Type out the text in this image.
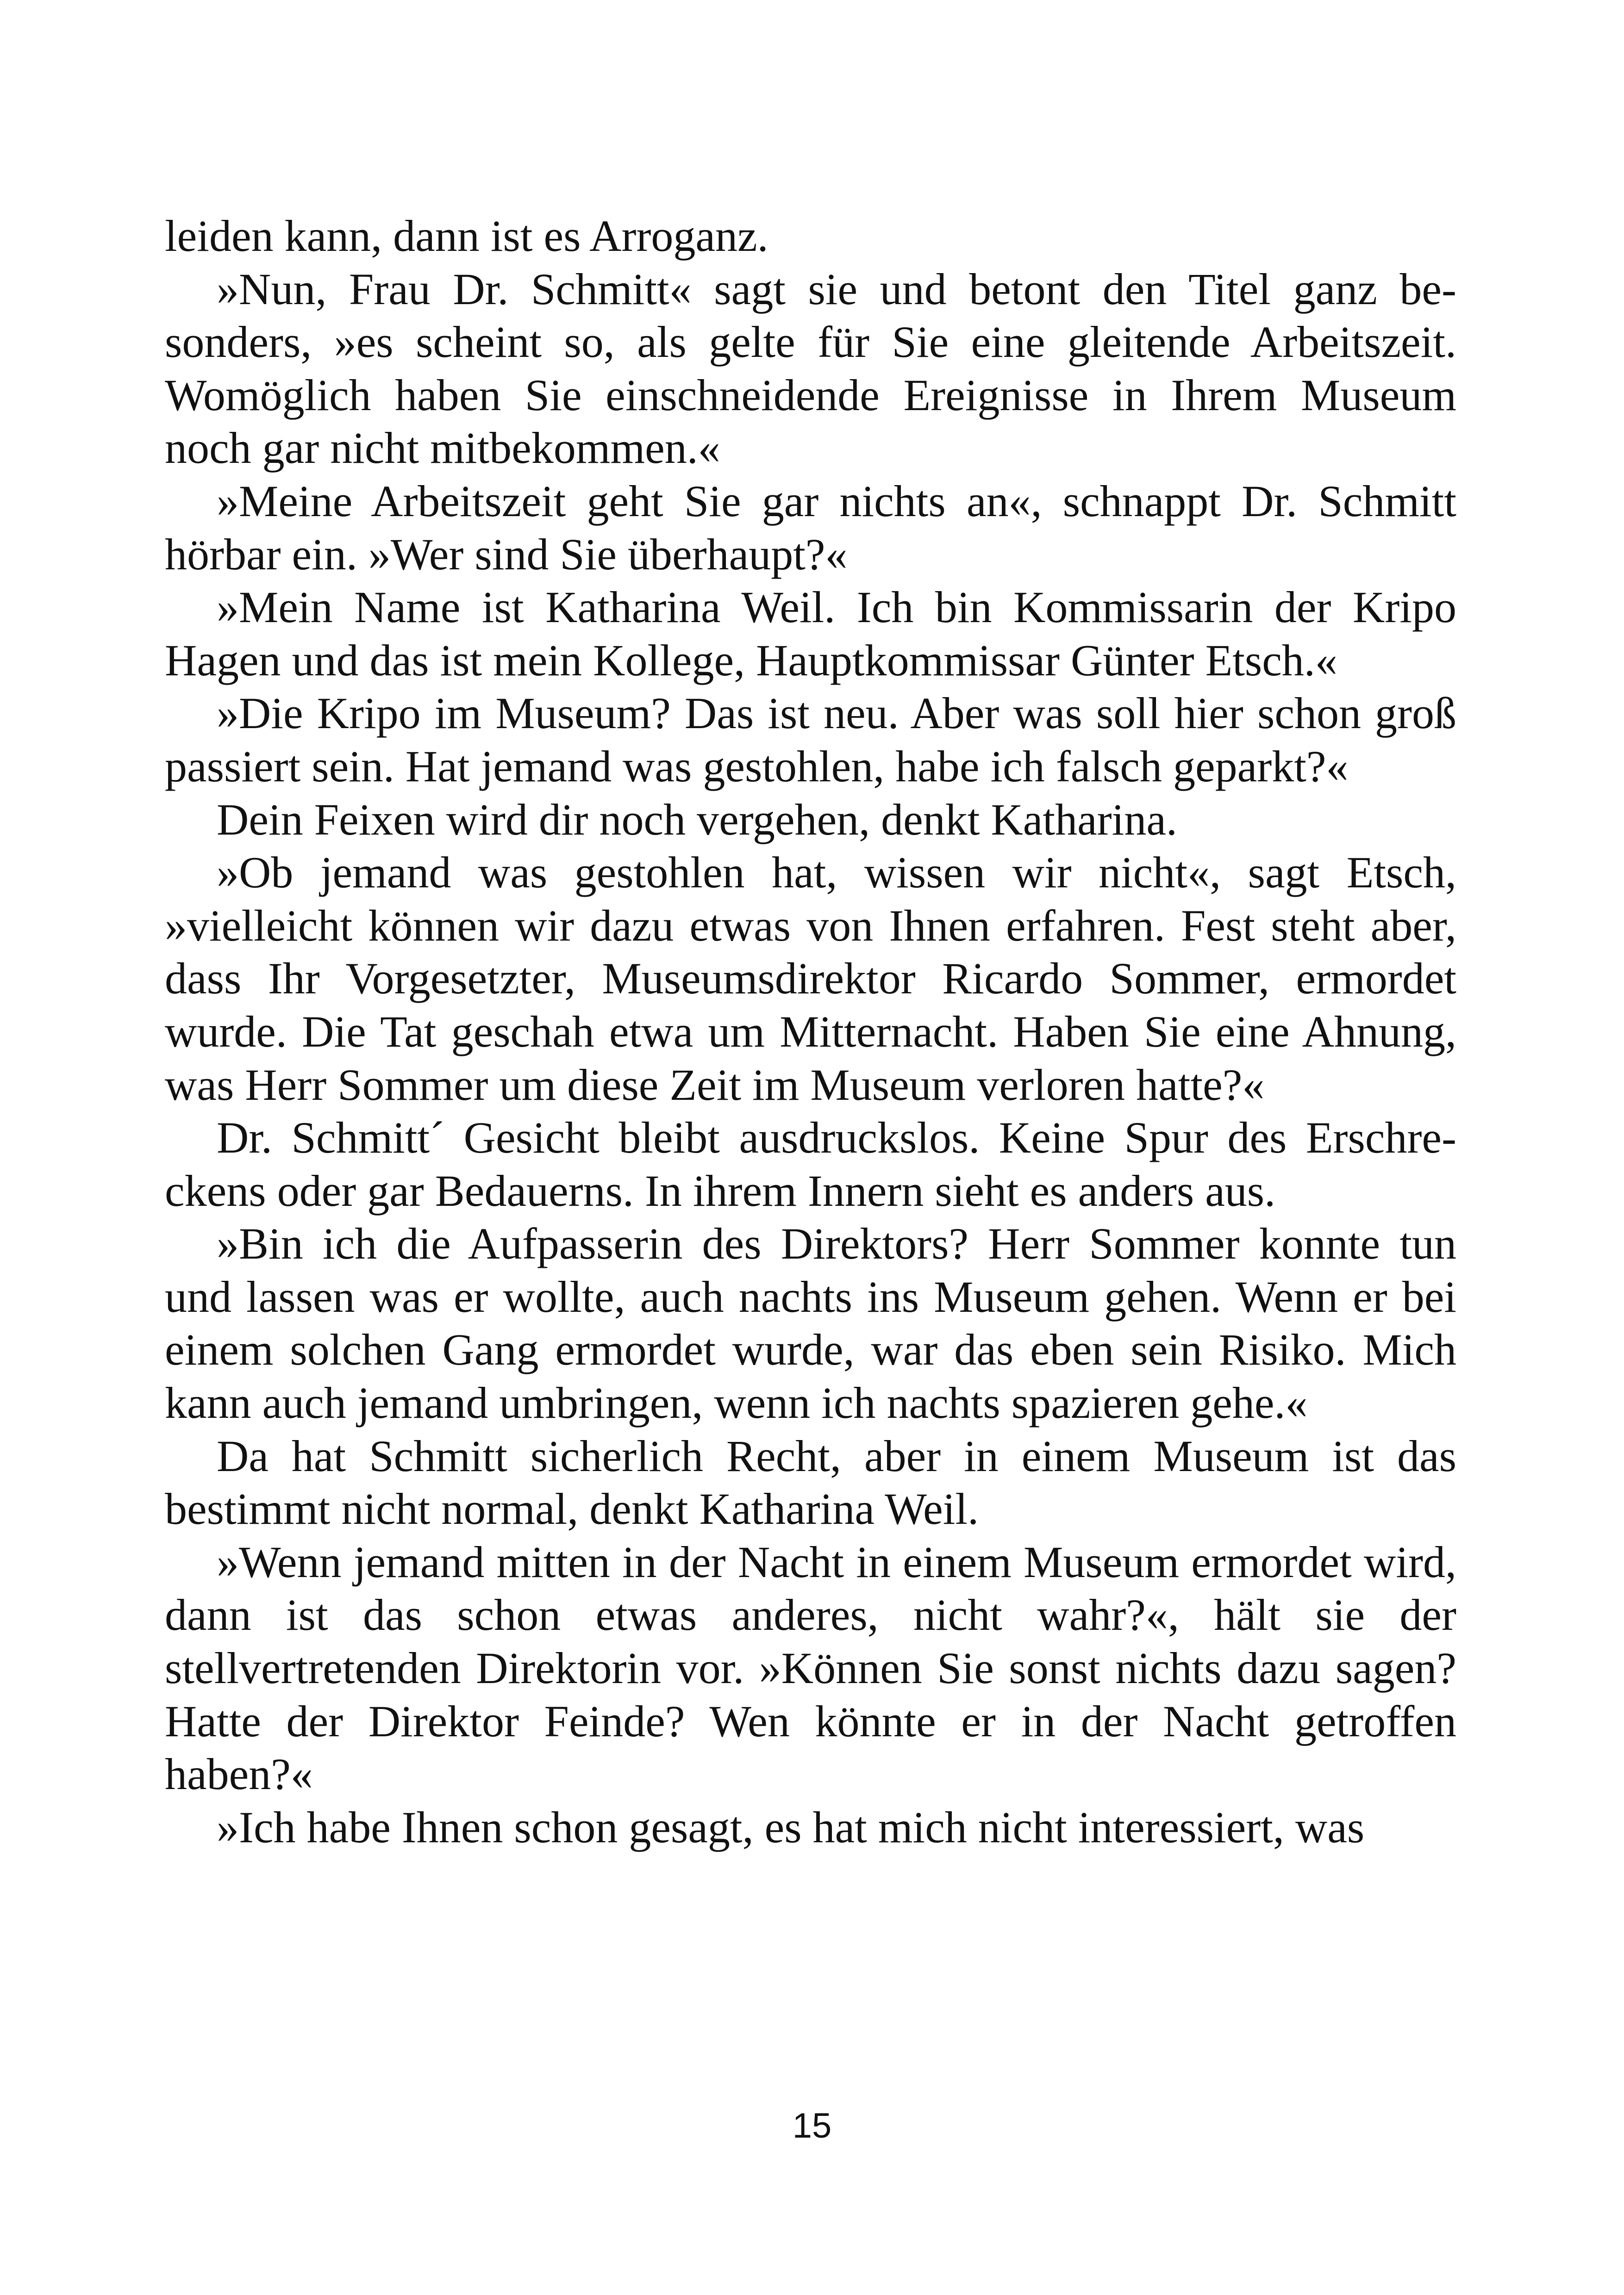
leiden kann, dann ist es Arroganz.

»Nun, Frau Dr. Schmitt« sagt sie und betont den Titel ganz besonders, »es scheint so, als gelte für Sie eine gleitende Arbeitszeit. Womöglich haben Sie einschneidende Ereignisse in Ihrem Museum noch gar nicht mitbekommen.«

»Meine Arbeitszeit geht Sie gar nichts an«, schnappt Dr. Schmitt hörbar ein. »Wer sind Sie überhaupt?«

»Mein Name ist Katharina Weil. Ich bin Kommissarin der Kripo Hagen und das ist mein Kollege, Hauptkommissar Günter Etsch.«

»Die Kripo im Museum? Das ist neu. Aber was soll hier schon groß passiert sein. Hat jemand was gestohlen, habe ich falsch geparkt?«

Dein Feixen wird dir noch vergehen, denkt Katharina.

»Ob jemand was gestohlen hat, wissen wir nicht«, sagt Etsch, »vielleicht können wir dazu etwas von Ihnen erfahren. Fest steht aber, dass Ihr Vorgesetzter, Museumsdirektor Ricardo Sommer, ermordet wurde. Die Tat geschah etwa um Mitternacht. Haben Sie eine Ahnung, was Herr Sommer um diese Zeit im Museum verloren hatte?«

Dr. Schmitt´ Gesicht bleibt ausdruckslos. Keine Spur des Erschreckens oder gar Bedauerns. In ihrem Innern sieht es anders aus.

»Bin ich die Aufpasserin des Direktors? Herr Sommer konnte tun und lassen was er wollte, auch nachts ins Museum gehen. Wenn er bei einem solchen Gang ermordet wurde, war das eben sein Risiko. Mich kann auch jemand umbringen, wenn ich nachts spazieren gehe.«

Da hat Schmitt sicherlich Recht, aber in einem Museum ist das bestimmt nicht normal, denkt Katharina Weil.

»Wenn jemand mitten in der Nacht in einem Museum ermordet wird, dann ist das schon etwas anderes, nicht wahr?«, hält sie der stellvertretenden Direktorin vor. »Können Sie sonst nichts dazu sagen? Hatte der Direktor Feinde? Wen könnte er in der Nacht getroffen haben?«

»Ich habe Ihnen schon gesagt, es hat mich nicht interessiert, was

15
